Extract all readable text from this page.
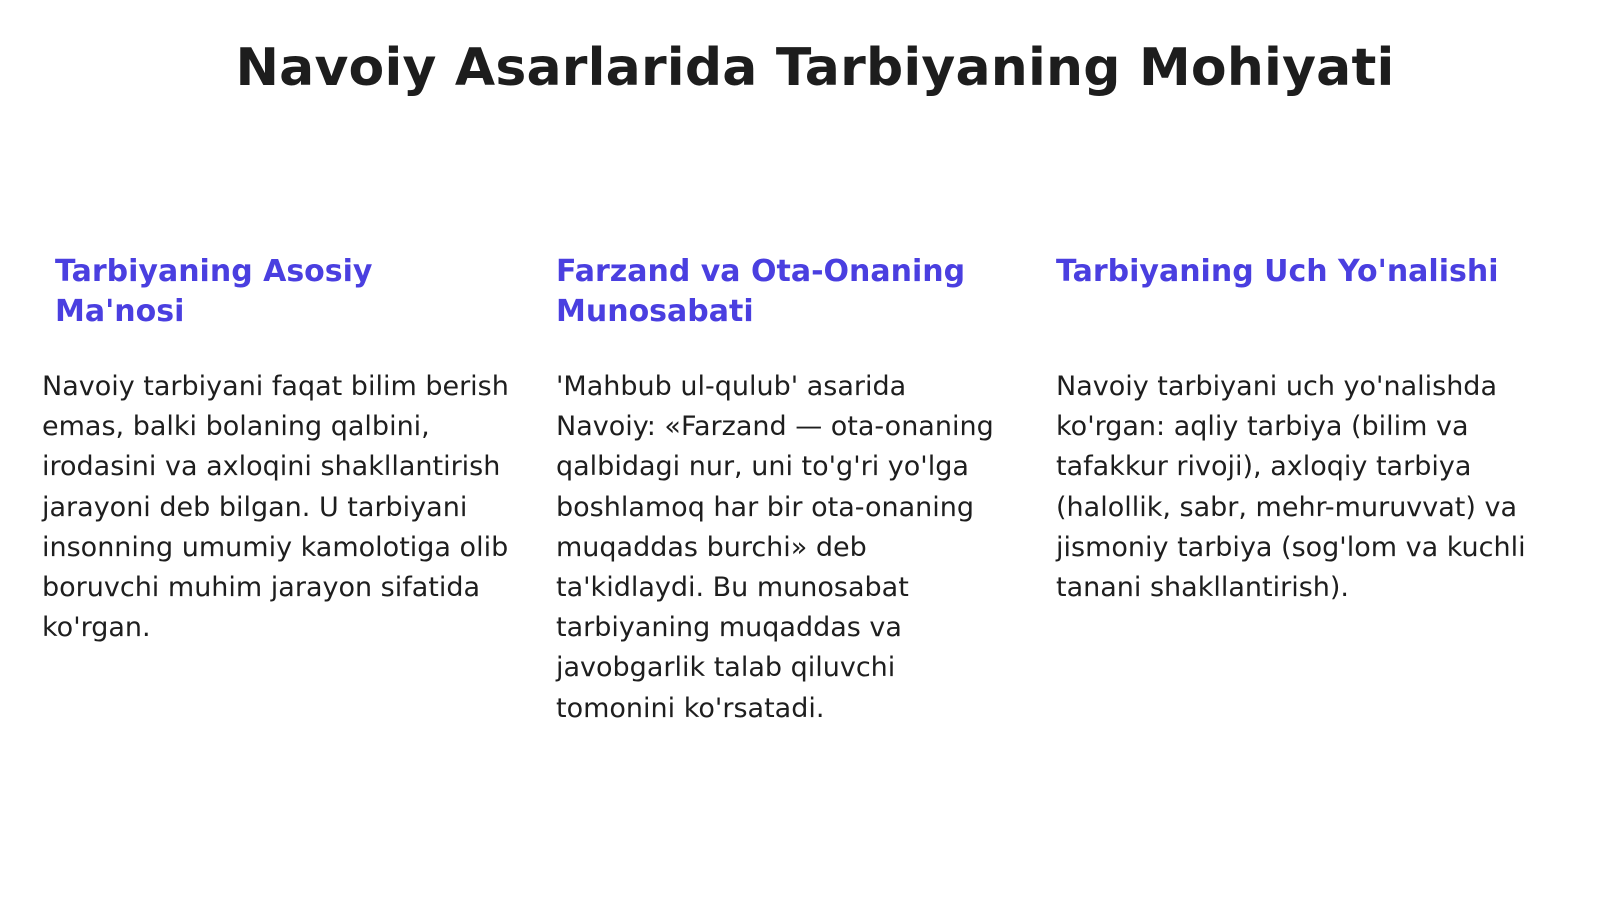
Navoiy Asarlarida Tarbiyaning Mohiyati
Tarbiyaning Asosiy Ma'nosi

Navoiy tarbiyani faqat bilim berish emas, balki bolaning qalbini, irodasini va axloqini shakllantirish jarayoni deb bilgan. U tarbiyani insonning umumiy kamolotiga olib boruvchi muhim jarayon sifatida ko'rgan.

Farzand va Ota-Onaning Munosabati

'Mahbub ul-qulub' asarida Navoiy: «Farzand — ota-onaning qalbidagi nur, uni to'g'ri yo'lga boshlamoq har bir ota-onaning muqaddas burchi» deb ta'kidlaydi. Bu munosabat tarbiyaning muqaddas va javobgarlik talab qiluvchi tomonini ko'rsatadi.

Tarbiyaning Uch Yo'nalishi

Navoiy tarbiyani uch yo'nalishda ko'rgan: aqliy tarbiya (bilim va tafakkur rivoji), axloqiy tarbiya (halollik, sabr, mehr-muruvvat) va jismoniy tarbiya (sog'lom va kuchli tanani shakllantirish).
